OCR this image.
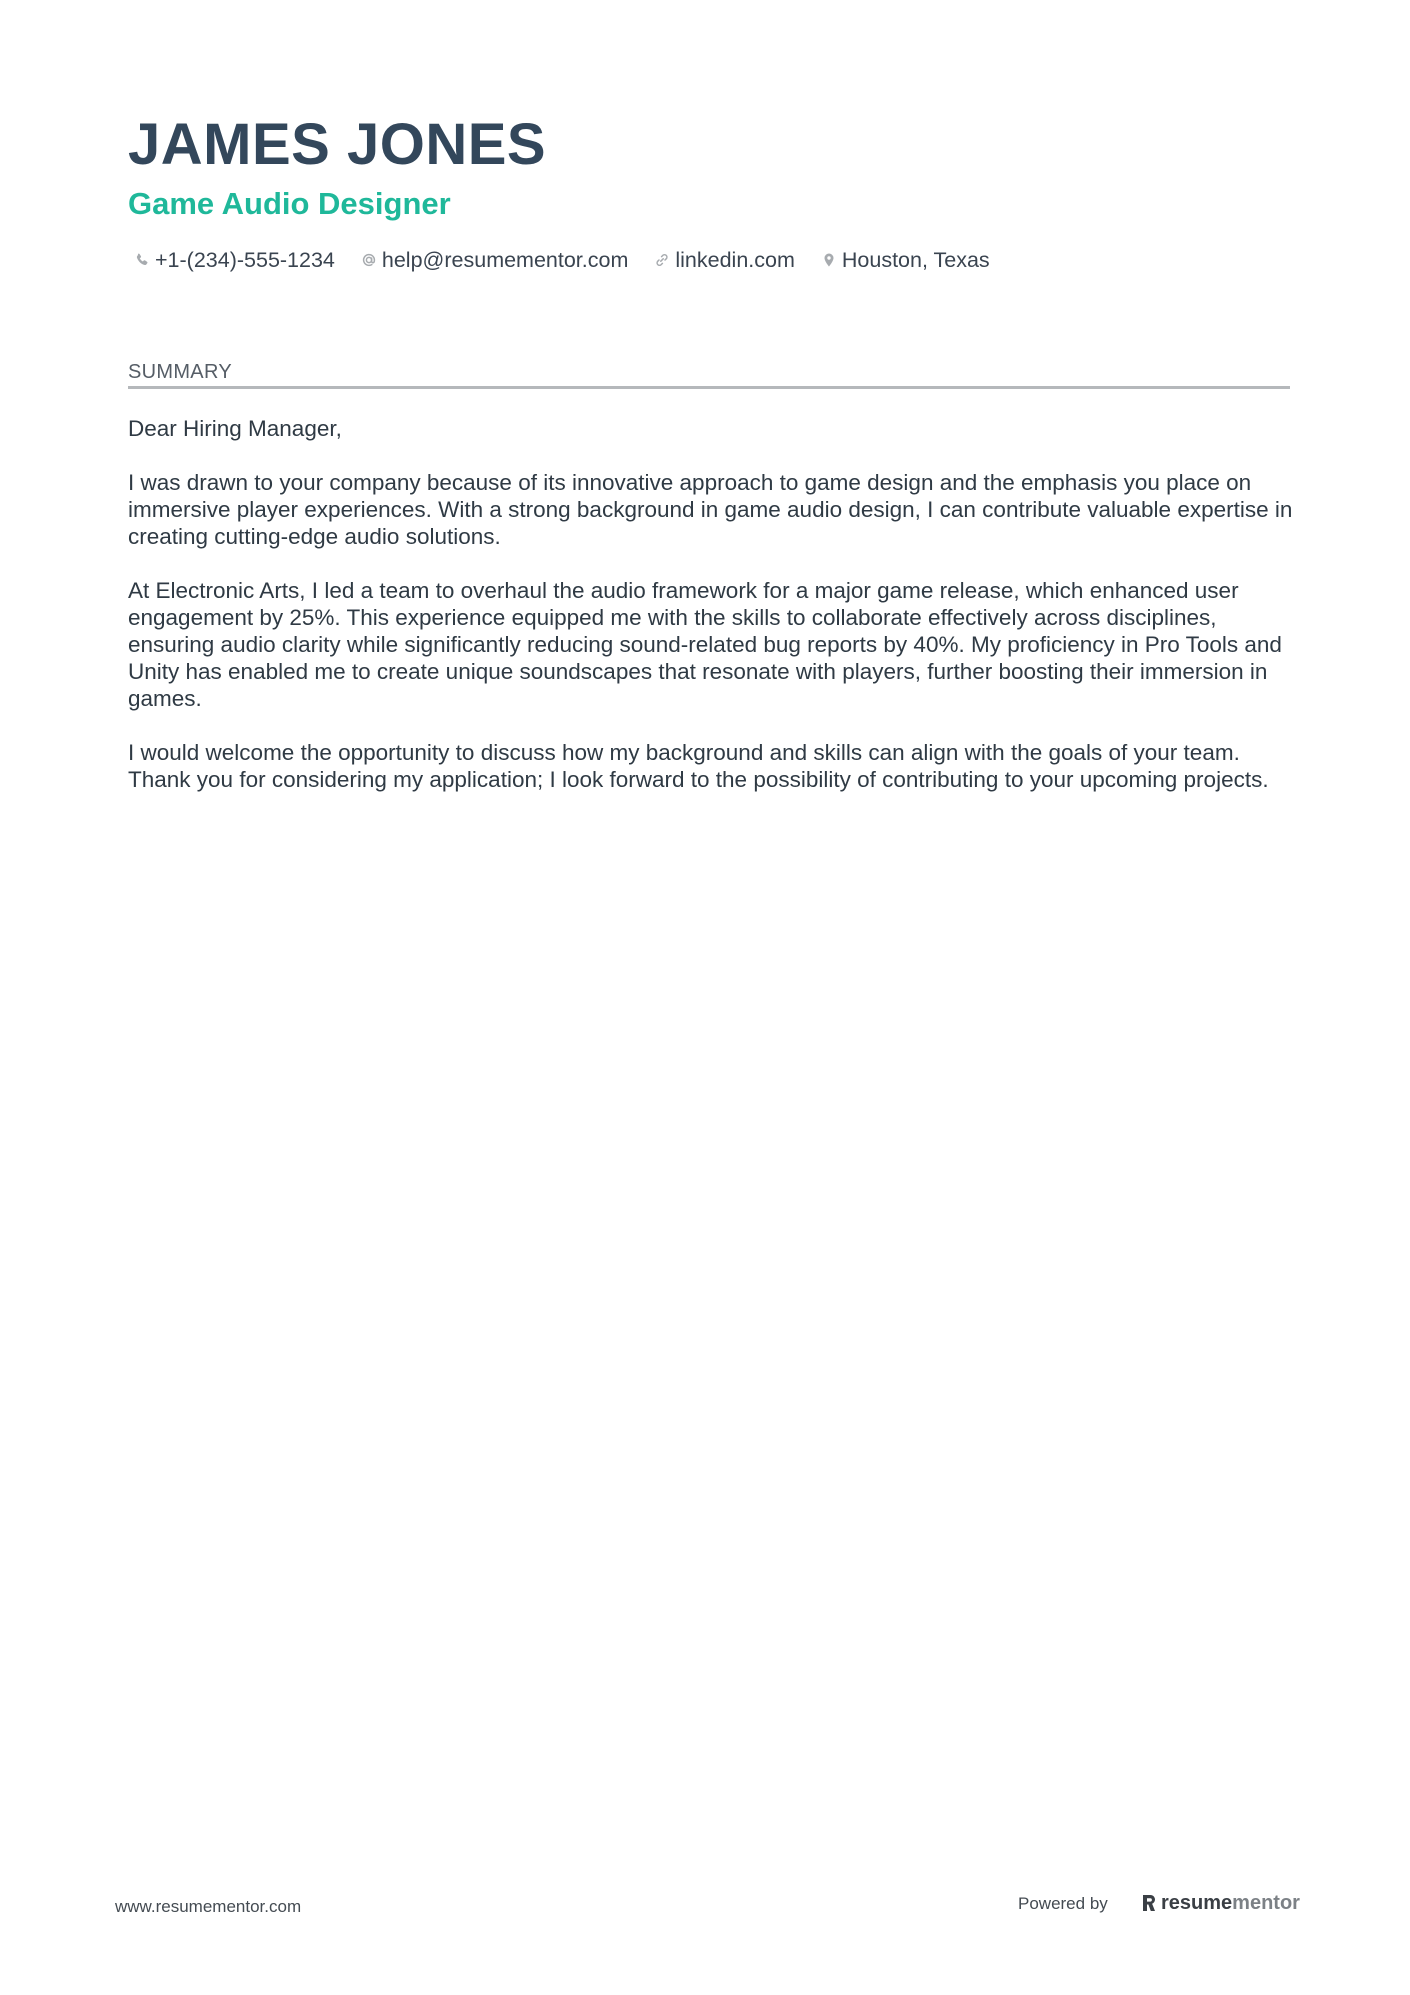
JAMES JONES
Game Audio Designer
+1-(234)-555-1234 help@resumementor.com linkedin.com Houston, Texas
SUMMARY

Dear Hiring Manager,

I was drawn to your company because of its innovative approach to game design and the emphasis you place on immersive player experiences. With a strong background in game audio design, I can contribute valuable expertise in creating cutting-edge audio solutions.

At Electronic Arts, I led a team to overhaul the audio framework for a major game release, which enhanced user engagement by 25%. This experience equipped me with the skills to collaborate effectively across disciplines, ensuring audio clarity while significantly reducing sound-related bug reports by 40%. My proficiency in Pro Tools and Unity has enabled me to create unique soundscapes that resonate with players, further boosting their immersion in games.

I would welcome the opportunity to discuss how my background and skills can align with the goals of your team. Thank you for considering my application; I look forward to the possibility of contributing to your upcoming projects.

www.resumementor.com	Powered by	resume mentor
